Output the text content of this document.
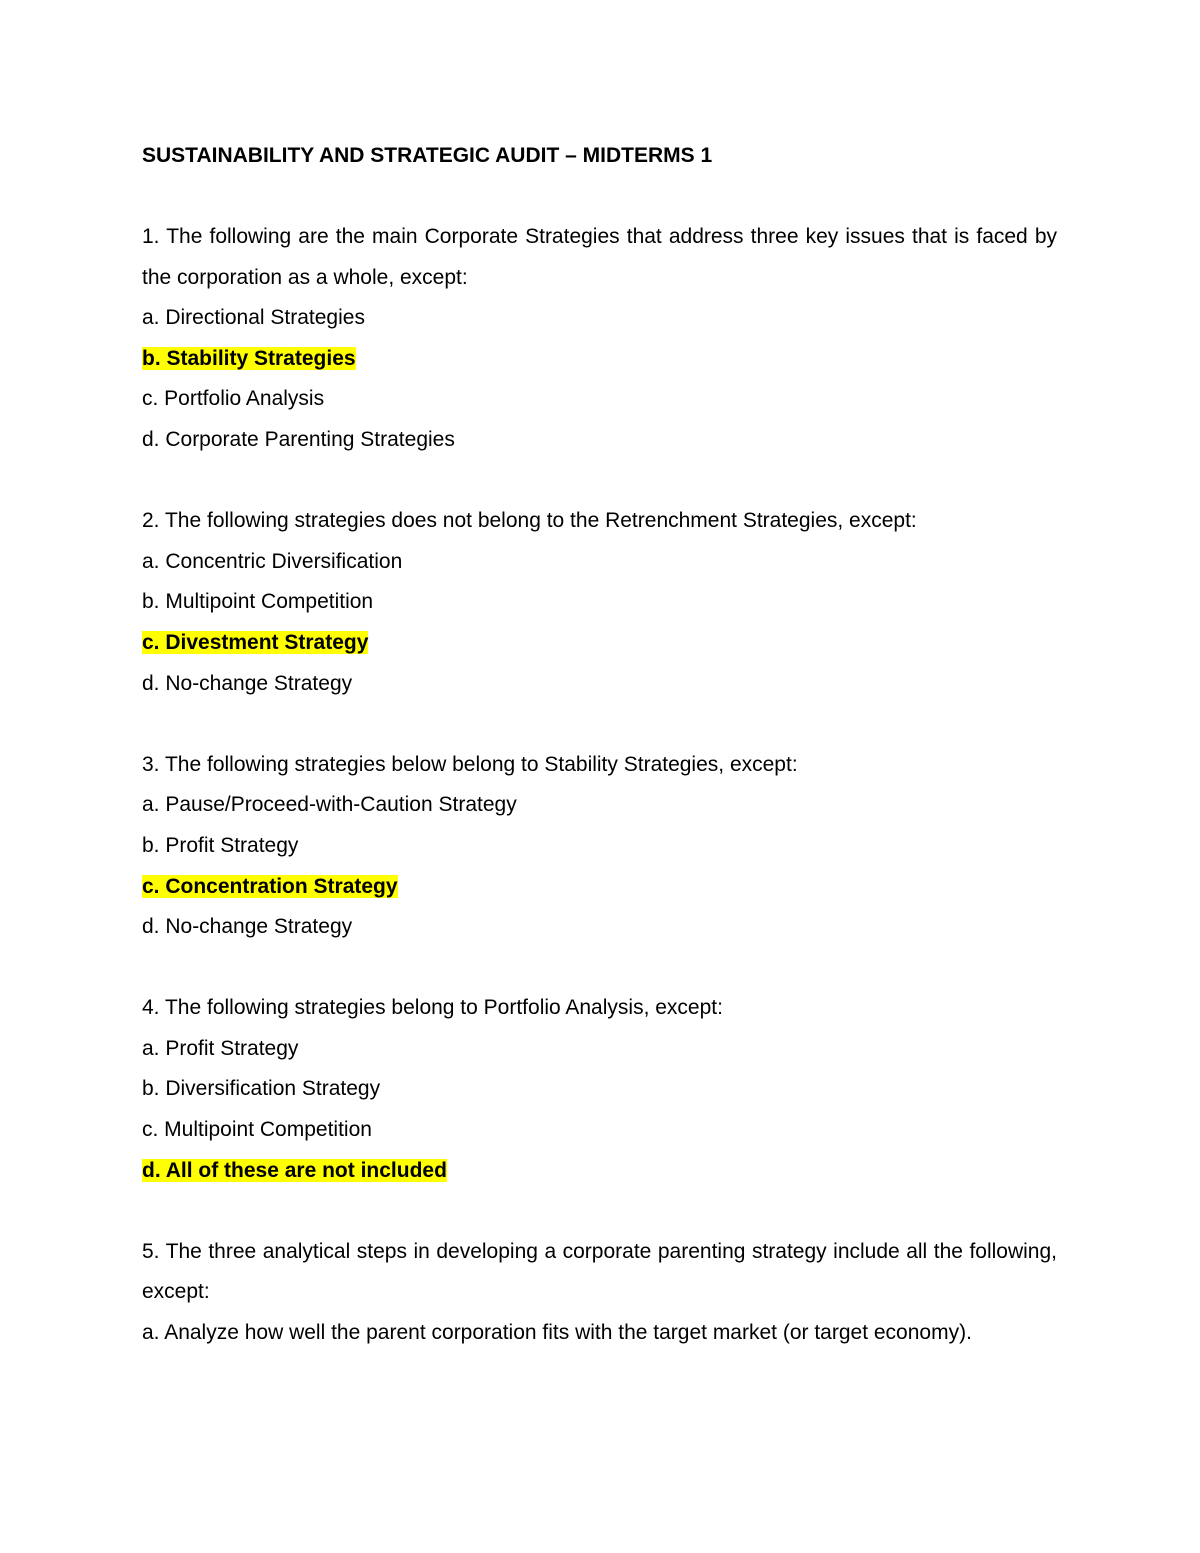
SUSTAINABILITY AND STRATEGIC AUDIT – MIDTERMS 1

1. The following are the main Corporate Strategies that address three key issues that is faced by the corporation as a whole, except:

a. Directional Strategies

b. Stability Strategies

c. Portfolio Analysis

d. Corporate Parenting Strategies

2. The following strategies does not belong to the Retrenchment Strategies, except:

a. Concentric Diversification

b. Multipoint Competition

c. Divestment Strategy

d. No-change Strategy

3. The following strategies below belong to Stability Strategies, except:

a. Pause/Proceed-with-Caution Strategy

b. Profit Strategy

c. Concentration Strategy

d. No-change Strategy

4. The following strategies belong to Portfolio Analysis, except:

a. Profit Strategy

b. Diversification Strategy

c. Multipoint Competition

d. All of these are not included

5. The three analytical steps in developing a corporate parenting strategy include all the following, except:

a. Analyze how well the parent corporation fits with the target market (or target economy).
